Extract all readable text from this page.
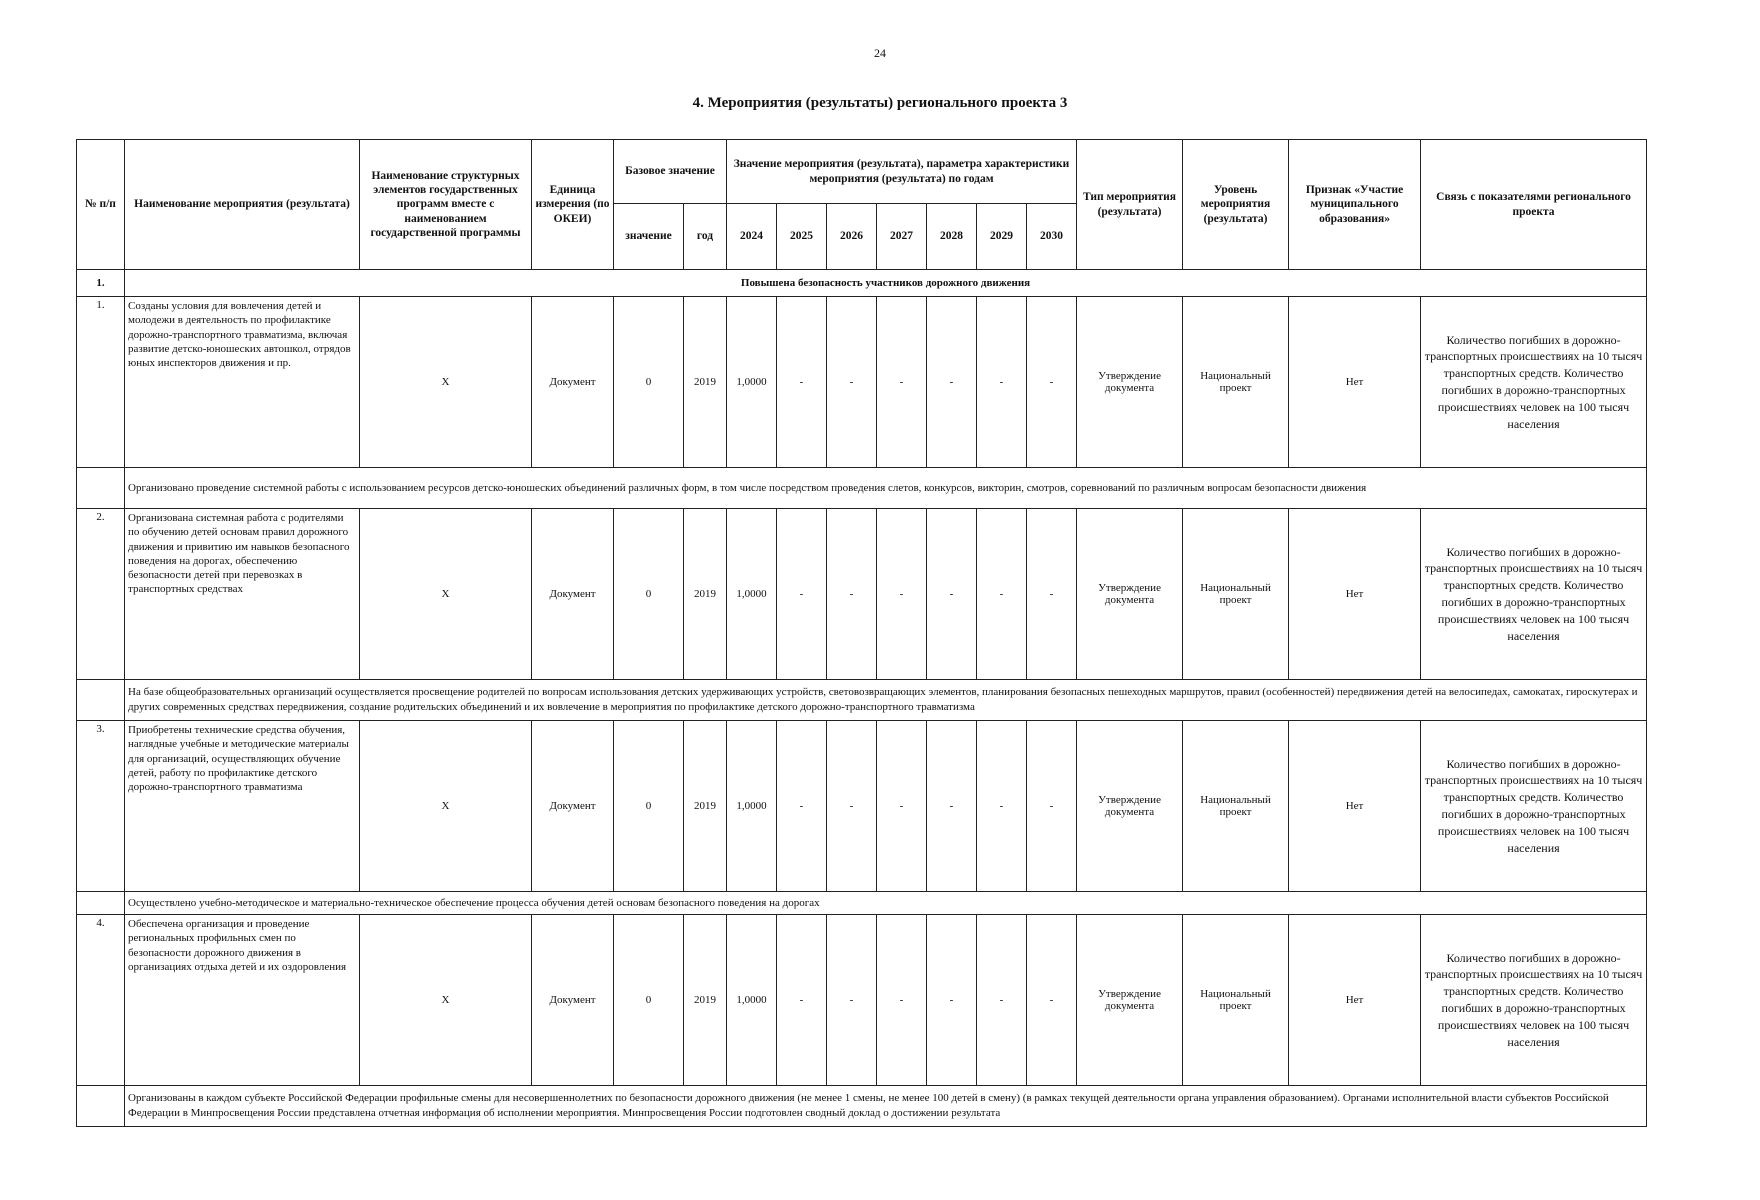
24
4. Мероприятия (результаты) регионального проекта 3
№ п/п	Наименование мероприятия (результата)	Наименование структурных элементов государственных программ вместе с наименованием государственной программы	Единица измерения (по ОКЕИ)	Базовое значение		Значение мероприятия (результата), параметра характеристики мероприятия (результата) по годам							Тип мероприятия (результата)	Уровень мероприятия (результата)	Признак «Участие муниципального образования»	Связь с показателями регионального проекта
				значение	год	2024	2025	2026	2027	2028	2029	2030				
1.	Повышена безопасность участников дорожного движения															
1.	Созданы условия для вовлечения детей и молодежи в деятельность по профилактике дорожно-транспортного травматизма, включая развитие детско-юношеских автошкол, отрядов юных инспекторов движения и пр.	Х	Документ	0	2019	1,0000	-	-	-	-	-	-	Утверждение документа	Национальный проект	Нет	Количество погибших в дорожно-транспортных происшествиях на 10 тысяч транспортных средств. Количество погибших в дорожно-транспортных происшествиях человек на 100 тысяч населения
	Организовано проведение системной работы с использованием ресурсов детско-юношеских объединений различных форм, в том числе посредством проведения слетов, конкурсов, викторин, смотров, соревнований по различным вопросам безопасности движения															
2.	Организована системная работа с родителями по обучению детей основам правил дорожного движения и привитию им навыков безопасного поведения на дорогах, обеспечению безопасности детей при перевозках в транспортных средствах	Х	Документ	0	2019	1,0000	-	-	-	-	-	-	Утверждение документа	Национальный проект	Нет	Количество погибших в дорожно-транспортных происшествиях на 10 тысяч транспортных средств. Количество погибших в дорожно-транспортных происшествиях человек на 100 тысяч населения
	На базе общеобразовательных организаций осуществляется просвещение родителей по вопросам использования детских удерживающих устройств, световозвращающих элементов, планирования безопасных пешеходных маршрутов, правил (особенностей) передвижения детей на велосипедах, самокатах, гироскутерах и других современных средствах передвижения, создание родительских объединений и их вовлечение в мероприятия по профилактике детского дорожно-транспортного травматизма															
3.	Приобретены технические средства обучения, наглядные учебные и методические материалы для организаций, осуществляющих обучение детей, работу по профилактике детского дорожно-транспортного травматизма	Х	Документ	0	2019	1,0000	-	-	-	-	-	-	Утверждение документа	Национальный проект	Нет	Количество погибших в дорожно-транспортных происшествиях на 10 тысяч транспортных средств. Количество погибших в дорожно-транспортных происшествиях человек на 100 тысяч населения
	Осуществлено учебно-методическое и материально-техническое обеспечение процесса обучения детей основам безопасного поведения на дорогах															
4.	Обеспечена организация и проведение региональных профильных смен по безопасности дорожного движения в организациях отдыха детей и их оздоровления	Х	Документ	0	2019	1,0000	-	-	-	-	-	-	Утверждение документа	Национальный проект	Нет	Количество погибших в дорожно-транспортных происшествиях на 10 тысяч транспортных средств. Количество погибших в дорожно-транспортных происшествиях человек на 100 тысяч населения
	Организованы в каждом субъекте Российской Федерации профильные смены для несовершеннолетних по безопасности дорожного движения (не менее 1 смены, не менее 100 детей в смену) (в рамках текущей деятельности органа управления образованием). Органами исполнительной власти субъектов Российской Федерации в Минпросвещения России представлена отчетная информация об исполнении мероприятия. Минпросвещения России подготовлен сводный доклад о достижении результата															
